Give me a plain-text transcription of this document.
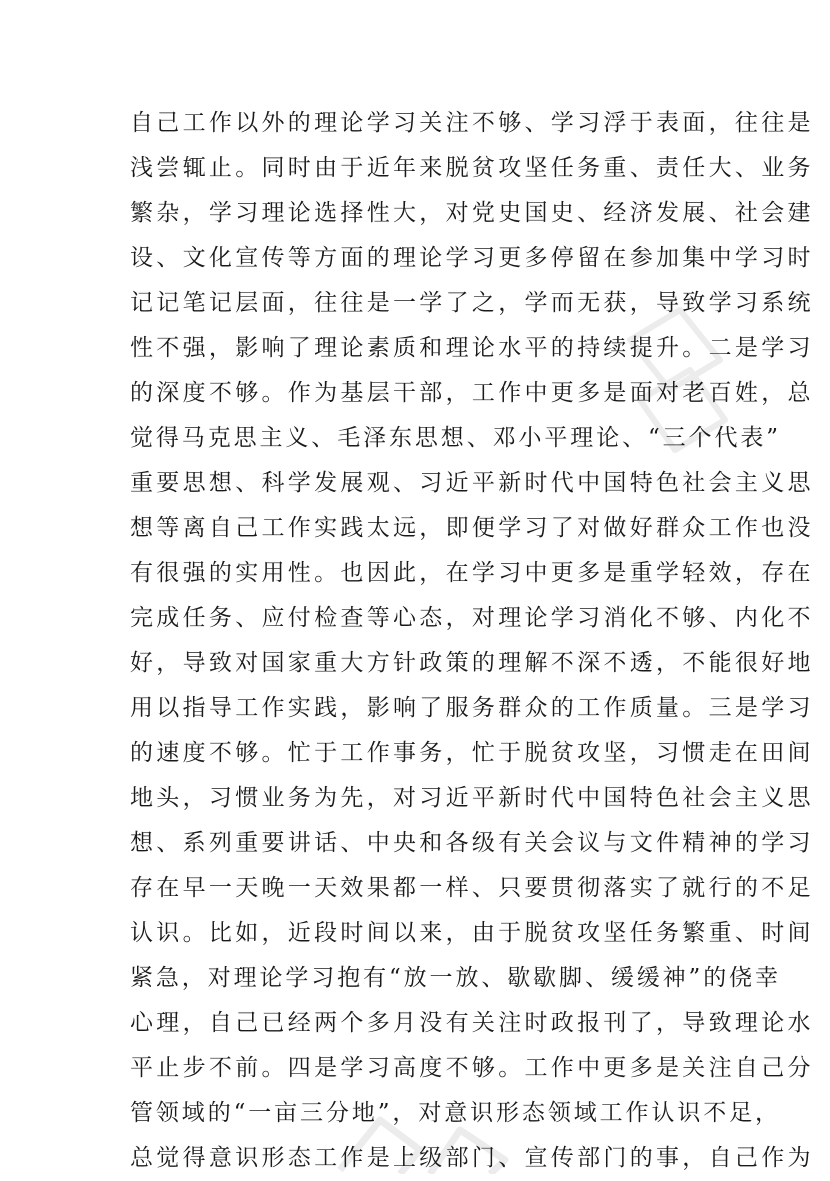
自己工作以外的理论学习关注不够、学习浮于表面，往往是
浅尝辄止。同时由于近年来脱贫攻坚任务重、责任大、业务
繁杂，学习理论选择性大，对党史国史、经济发展、社会建
设、文化宣传等方面的理论学习更多停留在参加集中学习时
记记笔记层面，往往是一学了之，学而无获，导致学习系统
性不强，影响了理论素质和理论水平的持续提升。二是学习
的深度不够。作为基层干部，工作中更多是面对老百姓，总
觉得马克思主义、毛泽东思想、邓小平理论、“三个代表”
重要思想、科学发展观、习近平新时代中国特色社会主义思
想等离自己工作实践太远，即便学习了对做好群众工作也没
有很强的实用性。也因此，在学习中更多是重学轻效，存在
完成任务、应付检查等心态，对理论学习消化不够、内化不
好，导致对国家重大方针政策的理解不深不透，不能很好地
用以指导工作实践，影响了服务群众的工作质量。三是学习
的速度不够。忙于工作事务，忙于脱贫攻坚，习惯走在田间
地头，习惯业务为先，对习近平新时代中国特色社会主义思
想、系列重要讲话、中央和各级有关会议与文件精神的学习
存在早一天晚一天效果都一样、只要贯彻落实了就行的不足
认识。比如，近段时间以来，由于脱贫攻坚任务繁重、时间
紧急，对理论学习抱有“放一放、歇歇脚、缓缓神”的侥幸
心理，自己已经两个多月没有关注时政报刊了，导致理论水
平止步不前。四是学习高度不够。工作中更多是关注自己分
管领域的“一亩三分地”，对意识形态领域工作认识不足，
总觉得意识形态工作是上级部门、宣传部门的事，自己作为
